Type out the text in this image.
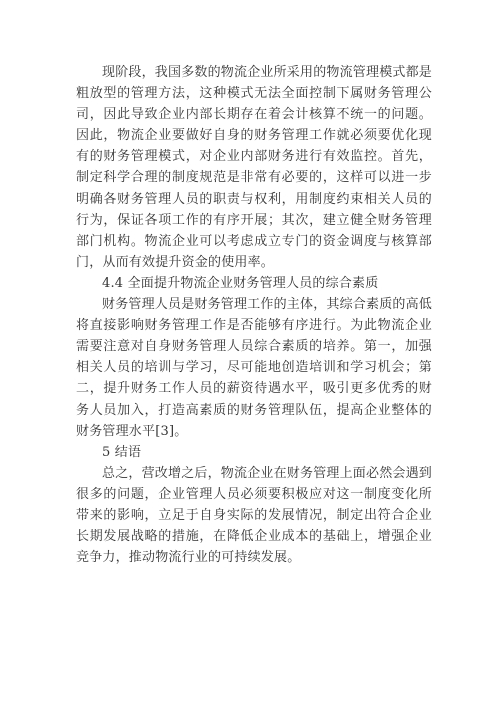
现阶段，我国多数的物流企业所采用的物流管理模式都是粗放型的管理方法，这种模式无法全面控制下属财务管理公司，因此导致企业内部长期存在着会计核算不统一的问题。因此，物流企业要做好自身的财务管理工作就必须要优化现有的财务管理模式，对企业内部财务进行有效监控。首先，制定科学合理的制度规范是非常有必要的，这样可以进一步明确各财务管理人员的职责与权利，用制度约束相关人员的行为，保证各项工作的有序开展；其次，建立健全财务管理部门机构。物流企业可以考虑成立专门的资金调度与核算部门，从而有效提升资金的使用率。

4.4 全面提升物流企业财务管理人员的综合素质

财务管理人员是财务管理工作的主体，其综合素质的高低将直接影响财务管理工作是否能够有序进行。为此物流企业需要注意对自身财务管理人员综合素质的培养。第一，加强相关人员的培训与学习，尽可能地创造培训和学习机会；第二，提升财务工作人员的薪资待遇水平，吸引更多优秀的财务人员加入，打造高素质的财务管理队伍，提高企业整体的财务管理水平[3]。

5 结语

总之，营改增之后，物流企业在财务管理上面必然会遇到很多的问题，企业管理人员必须要积极应对这一制度变化所带来的影响，立足于自身实际的发展情况，制定出符合企业长期发展战略的措施，在降低企业成本的基础上，增强企业竞争力，推动物流行业的可持续发展。
